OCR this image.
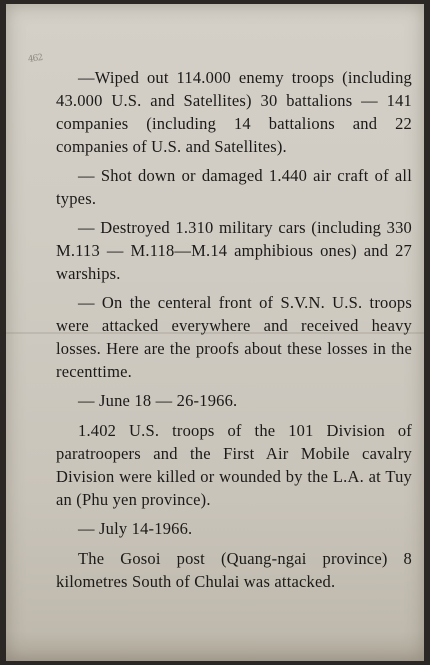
462

—Wiped out 114.000 enemy troops (including 43.000 U.S. and Satellites) 30 battalions — 141 companies (including 14 battalions and 22 companies of U.S. and Satellites).

— Shot down or damaged 1.440 air craft of all types.

— Destroyed 1.310 military cars (including 330 M.113 — M.118—M.14 amphibious ones) and 27 warships.

— On the centeral front of S.V.N. U.S. troops were attacked everywhere and received heavy losses. Here are the proofs about these losses in the recenttime.

— June 18 — 26-1966.

1.402 U.S. troops of the 101 Division of paratroopers and the First Air Mobile cavalry Division were killed or wounded by the L.A. at Tuy an (Phu yen province).

— July 14-1966.

The Gosoi post (Quang-ngai province) 8 kilometres South of Chulai was attacked.
